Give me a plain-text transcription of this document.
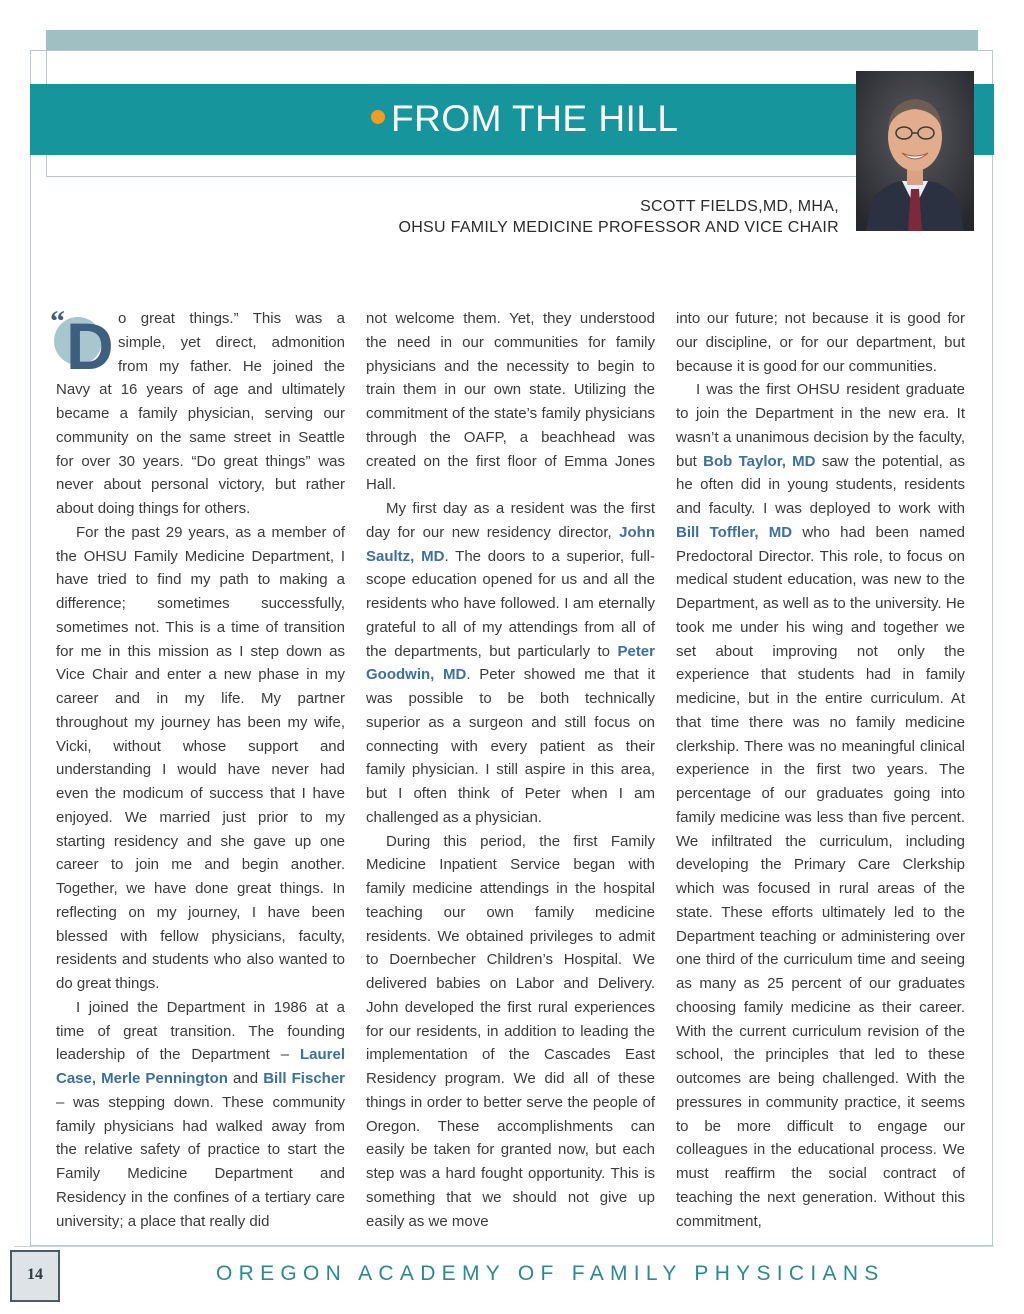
FROM THE HILL
SCOTT FIELDS,MD, MHA,
OHSU FAMILY MEDICINE PROFESSOR AND VICE CHAIR

“ D o great things.” This was a simple, yet direct, admonition from my father. He joined the Navy at 16 years of age and ultimately became a family physician, serving our community on the same street in Seattle for over 30 years. “Do great things” was never about personal victory, but rather about doing things for others.

For the past 29 years, as a member of the OHSU Family Medicine Department, I have tried to find my path to making a difference; sometimes successfully, sometimes not. This is a time of transition for me in this mission as I step down as Vice Chair and enter a new phase in my career and in my life. My partner throughout my journey has been my wife, Vicki, without whose support and understanding I would have never had even the modicum of success that I have enjoyed. We married just prior to my starting residency and she gave up one career to join me and begin another. Together, we have done great things. In reflecting on my journey, I have been blessed with fellow physicians, faculty, residents and students who also wanted to do great things.

I joined the Department in 1986 at a time of great transition. The founding leadership of the Department – Laurel Case, Merle Pennington and Bill Fischer – was stepping down. These community family physicians had walked away from the relative safety of practice to start the Family Medicine Department and Residency in the confines of a tertiary care university; a place that really did

not welcome them. Yet, they understood the need in our communities for family physicians and the necessity to begin to train them in our own state. Utilizing the commitment of the state’s family physicians through the OAFP, a beachhead was created on the first floor of Emma Jones Hall.

My first day as a resident was the first day for our new residency director, John Saultz, MD. The doors to a superior, full-scope education opened for us and all the residents who have followed. I am eternally grateful to all of my attendings from all of the departments, but particularly to Peter Goodwin, MD. Peter showed me that it was possible to be both technically superior as a surgeon and still focus on connecting with every patient as their family physician. I still aspire in this area, but I often think of Peter when I am challenged as a physician.

During this period, the first Family Medicine Inpatient Service began with family medicine attendings in the hospital teaching our own family medicine residents. We obtained privileges to admit to Doernbecher Children’s Hospital. We delivered babies on Labor and Delivery. John developed the first rural experiences for our residents, in addition to leading the implementation of the Cascades East Residency program. We did all of these things in order to better serve the people of Oregon. These accomplishments can easily be taken for granted now, but each step was a hard fought opportunity. This is something that we should not give up easily as we move

into our future; not because it is good for our discipline, or for our department, but because it is good for our communities.

I was the first OHSU resident graduate to join the Department in the new era. It wasn’t a unanimous decision by the faculty, but Bob Taylor, MD saw the potential, as he often did in young students, residents and faculty. I was deployed to work with Bill Toffler, MD who had been named Predoctoral Director. This role, to focus on medical student education, was new to the Department, as well as to the university. He took me under his wing and together we set about improving not only the experience that students had in family medicine, but in the entire curriculum. At that time there was no family medicine clerkship. There was no meaningful clinical experience in the first two years. The percentage of our graduates going into family medicine was less than five percent. We infiltrated the curriculum, including developing the Primary Care Clerkship which was focused in rural areas of the state. These efforts ultimately led to the Department teaching or administering over one third of the curriculum time and seeing as many as 25 percent of our graduates choosing family medicine as their career. With the current curriculum revision of the school, the principles that led to these outcomes are being challenged. With the pressures in community practice, it seems to be more difficult to engage our colleagues in the educational process. We must reaffirm the social contract of teaching the next generation. Without this commitment,

14	OREGON ACADEMY OF FAMILY PHYSICIANS
